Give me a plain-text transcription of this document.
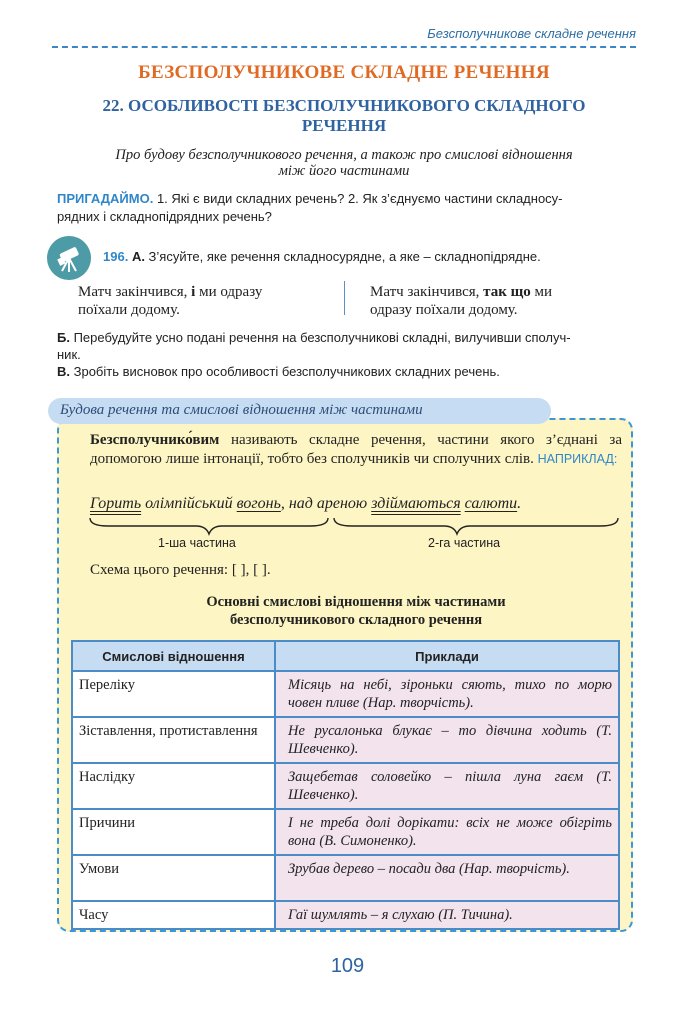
Безсполучникове складне речення
БЕЗСПОЛУЧНИКОВЕ СКЛАДНЕ РЕЧЕННЯ
22. ОСОБЛИВОСТІ БЕЗСПОЛУЧНИКОВОГО СКЛАДНОГО
РЕЧЕННЯ
Про будову безсполучникового речення, а також про смислові відношення
між його частинами
ПРИГАДАЙМО. 1. Які є види складних речень? 2. Як з’єднуємо частини складносу-
рядних і складнопідрядних речень?
196. А. З’ясуйте, яке речення складносурядне, а яке – складнопідрядне.
Матч закінчився, і ми одразу
поїхали додому.
Матч закінчився, так що ми
одразу поїхали додому.
Б. Перебудуйте усно подані речення на безсполучникові складні, вилучивши сполуч-
ник.
В. Зробіть висновок про особливості безсполучникових складних речень.
Будова речення та смислові відношення між частинами
Безсполучнико́вим називають складне речення, частини якого з’єднані за допомогою лише інтонації, тобто без сполучників чи сполучних слів. НАПРИКЛАД:
Горить олімпійський вогонь, над ареною здіймаються салюти.
1-ша частина	2-га частина
Схема цього речення: [ ], [ ].
Основні смислові відношення між частинами
безсполучникового складного речення
Смислові відношення	Приклади
Переліку	Місяць на небі, зіроньки сяють, тихо по морю човен пливе (Нар. творчість).
Зіставлення, протиставлення	Не русалонька блукає – то дівчина ходить (Т. Шевченко).
Наслідку	Защебетав соловейко – пішла луна гаєм (Т. Шевченко).
Причини	І не треба долі дорікати: всіх не може обігріть вона (В. Симоненко).
Умови	Зрубав дерево – посади два (Нар. творчість).
Часу	Гаї шумлять – я слухаю (П. Тичина).
109
